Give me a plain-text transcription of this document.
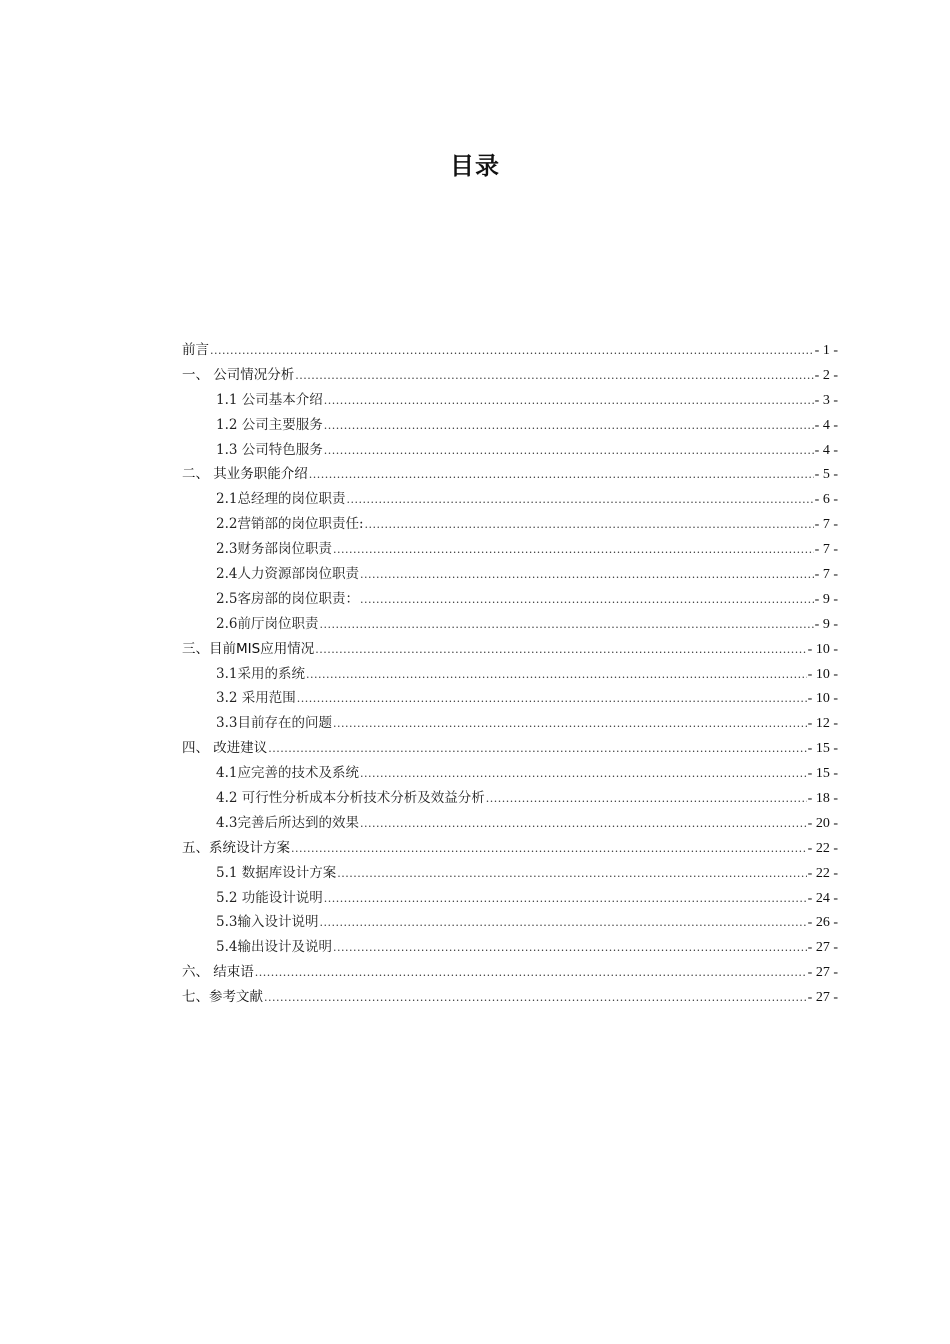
目录
前言 .....	- 1 -
一、 公司情况分析 .....	- 2 -
1.1 公司基本介绍 .....	- 3 -
1.2 公司主要服务 .....	- 4 -
1.3 公司特色服务 .....	- 4 -
二、 其业务职能介绍 .....	- 5 -
2.1总经理的岗位职责 .....	- 6 -
2.2营销部的岗位职责任: .....	- 7 -
2.3财务部岗位职责 .....	- 7 -
2.4人力资源部岗位职责 .....	- 7 -
2.5客房部的岗位职责： .....	- 9 -
2.6前厅岗位职责 .....	- 9 -
三、目前MIS应用情况 .....	- 10 -
3.1采用的系统 .....	- 10 -
3.2 采用范围 .....	- 10 -
3.3目前存在的问题 .....	- 12 -
四、 改进建议 .....	- 15 -
4.1应完善的技术及系统 .....	- 15 -
4.2 可行性分析成本分析技术分析及效益分析 .....	- 18 -
4.3完善后所达到的效果 .....	- 20 -
五、系统设计方案 .....	- 22 -
5.1 数据库设计方案 .....	- 22 -
5.2 功能设计说明 .....	- 24 -
5.3输入设计说明 .....	- 26 -
5.4输出设计及说明 .....	- 27 -
六、 结束语 .....	- 27 -
七、参考文献 .....	- 27 -
